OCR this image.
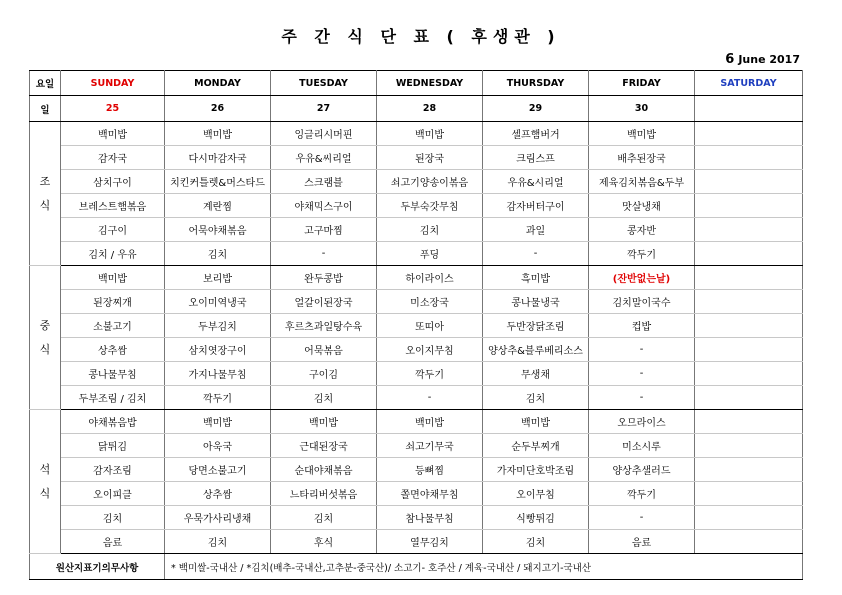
주 간 식 단 표 ( 후생관 )
6 June 2017
요일	SUNDAY	MONDAY	TUESDAY	WEDNESDAY	THURSDAY	FRIDAY	SATURDAY
일	25	26	27	28	29	30	

조
식	백미밥	백미밥	잉글리시머핀	백미밥	셀프햄버거	백미밥	
	감자국	다시마감자국	우유&씨리얼	된장국	크림스프	배추된장국	
	삼치구이	치킨커틀렛&머스타드	스크램블	쇠고기양송이볶음	우유&시리얼	제육김치볶음&두부	
	브레스트햄볶음	계란찜	야채믹스구이	두부숙갓무침	감자버터구이	맛살냉채	
	김구이	어묵야채볶음	고구마찜	김치	과일	콩자반	
	김치 / 우유	김치	-	푸딩	-	깍두기	

중
식	백미밥	보리밥	완두콩밥	하이라이스	흑미밥	(잔반없는날)	
	된장찌개	오이미역냉국	얼갈이된장국	미소장국	콩나물냉국	김치말이국수	
	소불고기	두부김치	후르츠과일탕수육	또띠아	두반장닭조림	컵밥	
	상추쌈	삼치엿장구이	어묵볶음	오이지무침	양상추&블루베리소스	-	
	콩나물무침	가지나물무침	구이김	깍두기	무생채	-	
	두부조림 / 김치	깍두기	김치	-	김치	-	

석
식	야채볶음밥	백미밥	백미밥	백미밥	백미밥	오므라이스	
	닭튀김	아욱국	근대된장국	쇠고기무국	순두부찌개	미소시루	
	감자조림	당면소불고기	순대야채볶음	등뼈찜	가자미단호박조림	양상추샐러드	
	오이피클	상추쌈	느타리버섯볶음	쫄면야채무침	오이무침	깍두기	
	김치	우묵가사리냉채	김치	참나물무침	식빵튀김	-	
	음료	김치	후식	열무김치	김치	음료	
원산지표기의무사항		* 백미쌀-국내산 / *김치(배추-국내산,고추분-중국산)/ 소고기- 호주산 / 계육-국내산 / 돼지고기-국내산					
